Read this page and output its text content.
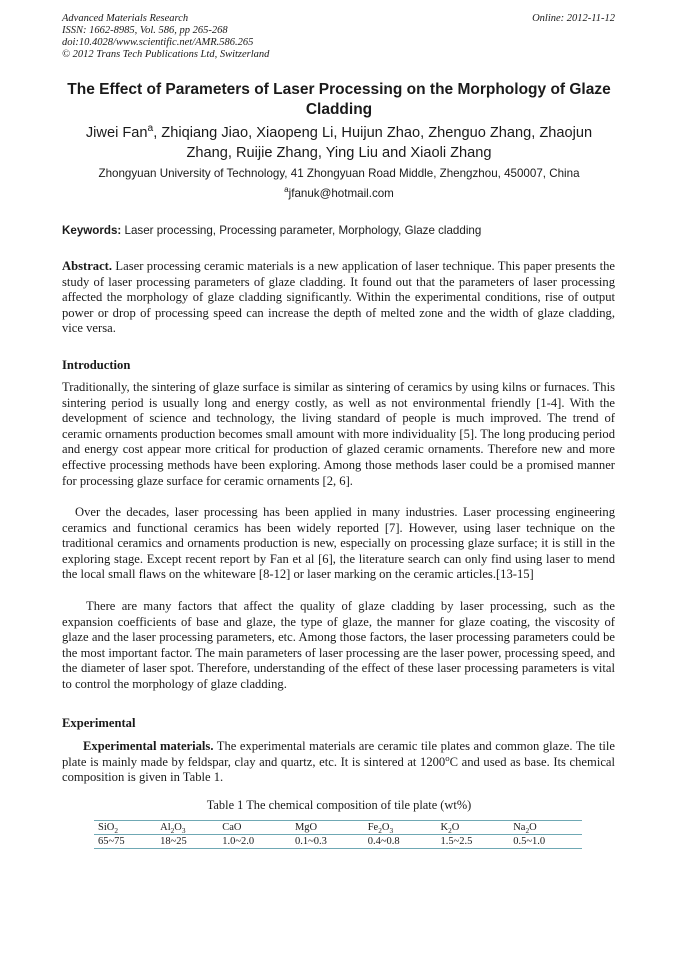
Advanced Materials Research
ISSN: 1662-8985, Vol. 586, pp 265-268
doi:10.4028/www.scientific.net/AMR.586.265
© 2012 Trans Tech Publications Ltd, Switzerland
Online: 2012-11-12
The Effect of Parameters of Laser Processing on the Morphology of Glaze Cladding
Jiwei Fan$^a$, Zhiqiang Jiao, Xiaopeng Li, Huijun Zhao, Zhenguo Zhang, Zhaojun Zhang, Ruijie Zhang, Ying Liu and Xiaoli Zhang
Zhongyuan University of Technology, 41 Zhongyuan Road Middle, Zhengzhou, 450007, China
$^a$jfanuk@hotmail.com
Keywords: Laser processing, Processing parameter, Morphology, Glaze cladding

Abstract. Laser processing ceramic materials is a new application of laser technique. This paper presents the study of laser processing parameters of glaze cladding. It found out that the parameters of laser processing affected the morphology of glaze cladding significantly. Within the experimental conditions, rise of output power or drop of processing speed can increase the depth of melted zone and the width of glaze cladding, vice versa.

Introduction

Traditionally, the sintering of glaze surface is similar as sintering of ceramics by using kilns or furnaces. This sintering period is usually long and energy costly, as well as not environmental friendly [1-4]. With the development of science and technology, the living standard of people is much improved. The trend of ceramic ornaments production becomes small amount with more individuality [5]. The long producing period and energy cost appear more critical for production of glazed ceramic ornaments. Therefore new and more effective processing methods have been exploring. Among those methods laser could be a promised manner for processing glaze surface for ceramic ornaments [2, 6].

Over the decades, laser processing has been applied in many industries. Laser processing engineering ceramics and functional ceramics has been widely reported [7]. However, using laser technique on the traditional ceramics and ornaments production is new, especially on processing glaze surface; it is still in the exploring stage. Except recent report by Fan et al [6], the literature search can only find using laser to mend the local small flaws on the whiteware [8-12] or laser marking on the ceramic articles.[13-15]

There are many factors that affect the quality of glaze cladding by laser processing, such as the expansion coefficients of base and glaze, the type of glaze, the manner for glaze coating, the viscosity of glaze and the laser processing parameters, etc. Among those factors, the laser processing parameters could be the most important factor. The main parameters of laser processing are the laser power, processing speed, and the diameter of laser spot. Therefore, understanding of the effect of these laser processing parameters is vital to control the morphology of glaze cladding.

Experimental

Experimental materials. The experimental materials are ceramic tile plates and common glaze. The tile plate is mainly made by feldspar, clay and quartz, etc. It is sintered at 1200$^o$C and used as base. Its chemical composition is given in Table 1.

Table 1 The chemical composition of tile plate (wt%)
SiO$_2$	$Al_2O_3$	CaO	MgO	$Fe_2O_3$	$K_2O$	$Na_2O$
65~75	18~25	1.0~2.0	0.1~0.3	0.4~0.8	1.5~2.5	0.5~1.0
